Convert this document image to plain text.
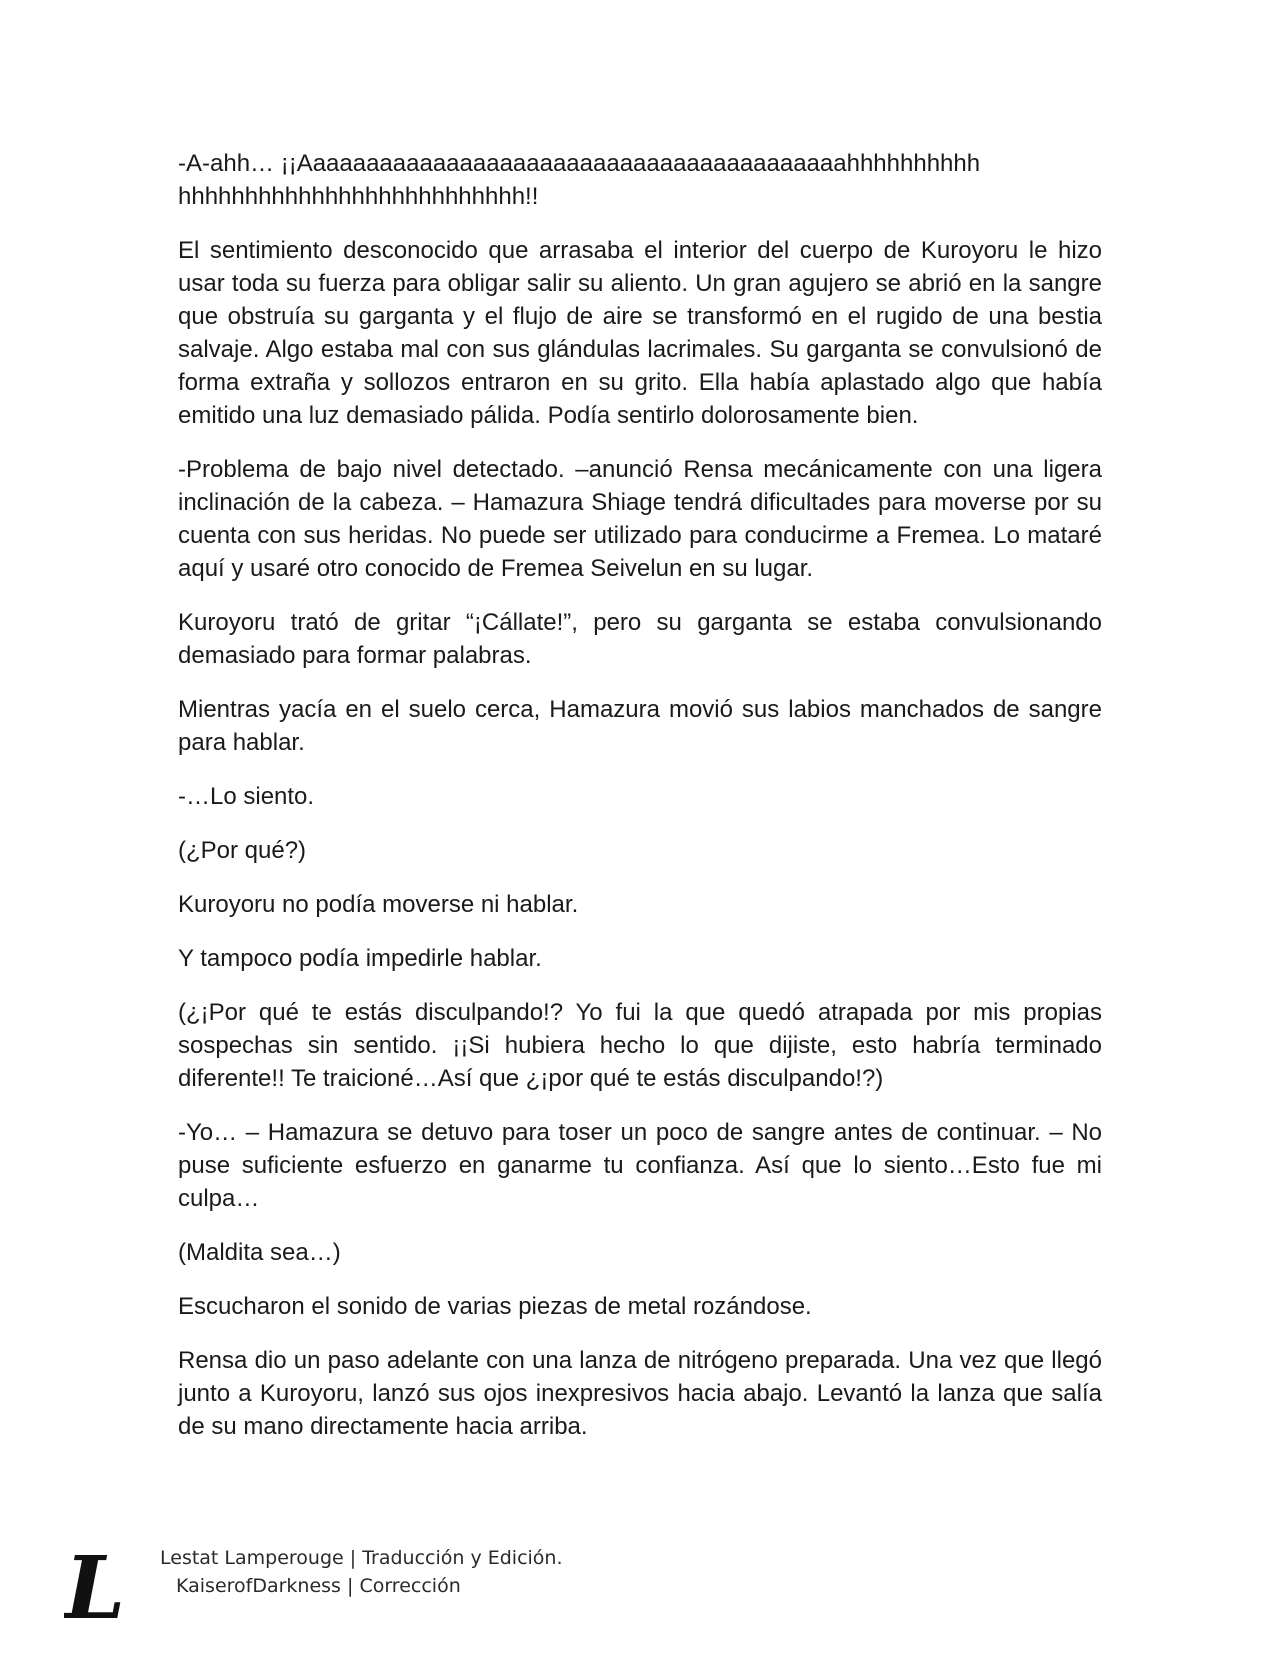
-A-ahh… ¡¡Aaaaaaaaaaaaaaaaaaaaaaaaaaaaaaaaaaaaaaaaahhhhhhhhhh hhhhhhhhhhhhhhhhhhhhhhhhhh!!

El sentimiento desconocido que arrasaba el interior del cuerpo de Kuroyoru le hizo usar toda su fuerza para obligar salir su aliento. Un gran agujero se abrió en la sangre que obstruía su garganta y el flujo de aire se transformó en el rugido de una bestia salvaje. Algo estaba mal con sus glándulas lacrimales. Su garganta se convulsionó de forma extraña y sollozos entraron en su grito. Ella había aplastado algo que había emitido una luz demasiado pálida. Podía sentirlo dolorosamente bien.

-Problema de bajo nivel detectado. –anunció Rensa mecánicamente con una ligera inclinación de la cabeza. – Hamazura Shiage tendrá dificultades para moverse por su cuenta con sus heridas. No puede ser utilizado para conducirme a Fremea. Lo mataré aquí y usaré otro conocido de Fremea Seivelun en su lugar.

Kuroyoru trató de gritar “¡Cállate!”, pero su garganta se estaba convulsionando demasiado para formar palabras.

Mientras yacía en el suelo cerca, Hamazura movió sus labios manchados de sangre para hablar.

-…Lo siento.

(¿Por qué?)

Kuroyoru no podía moverse ni hablar.

Y tampoco podía impedirle hablar.

(¿¡Por qué te estás disculpando!? Yo fui la que quedó atrapada por mis propias sospechas sin sentido. ¡¡Si hubiera hecho lo que dijiste, esto habría terminado diferente!! Te traicioné…Así que ¿¡por qué te estás disculpando!?)

-Yo… – Hamazura se detuvo para toser un poco de sangre antes de continuar. – No puse suficiente esfuerzo en ganarme tu confianza. Así que lo siento…Esto fue mi culpa…

(Maldita sea…)

Escucharon el sonido de varias piezas de metal rozándose.

Rensa dio un paso adelante con una lanza de nitrógeno preparada. Una vez que llegó junto a Kuroyoru, lanzó sus ojos inexpresivos hacia abajo. Levantó la lanza que salía de su mano directamente hacia arriba.

L Lestat Lamperouge | Traducción y Edición.
KaiserofDarkness | Corrección
